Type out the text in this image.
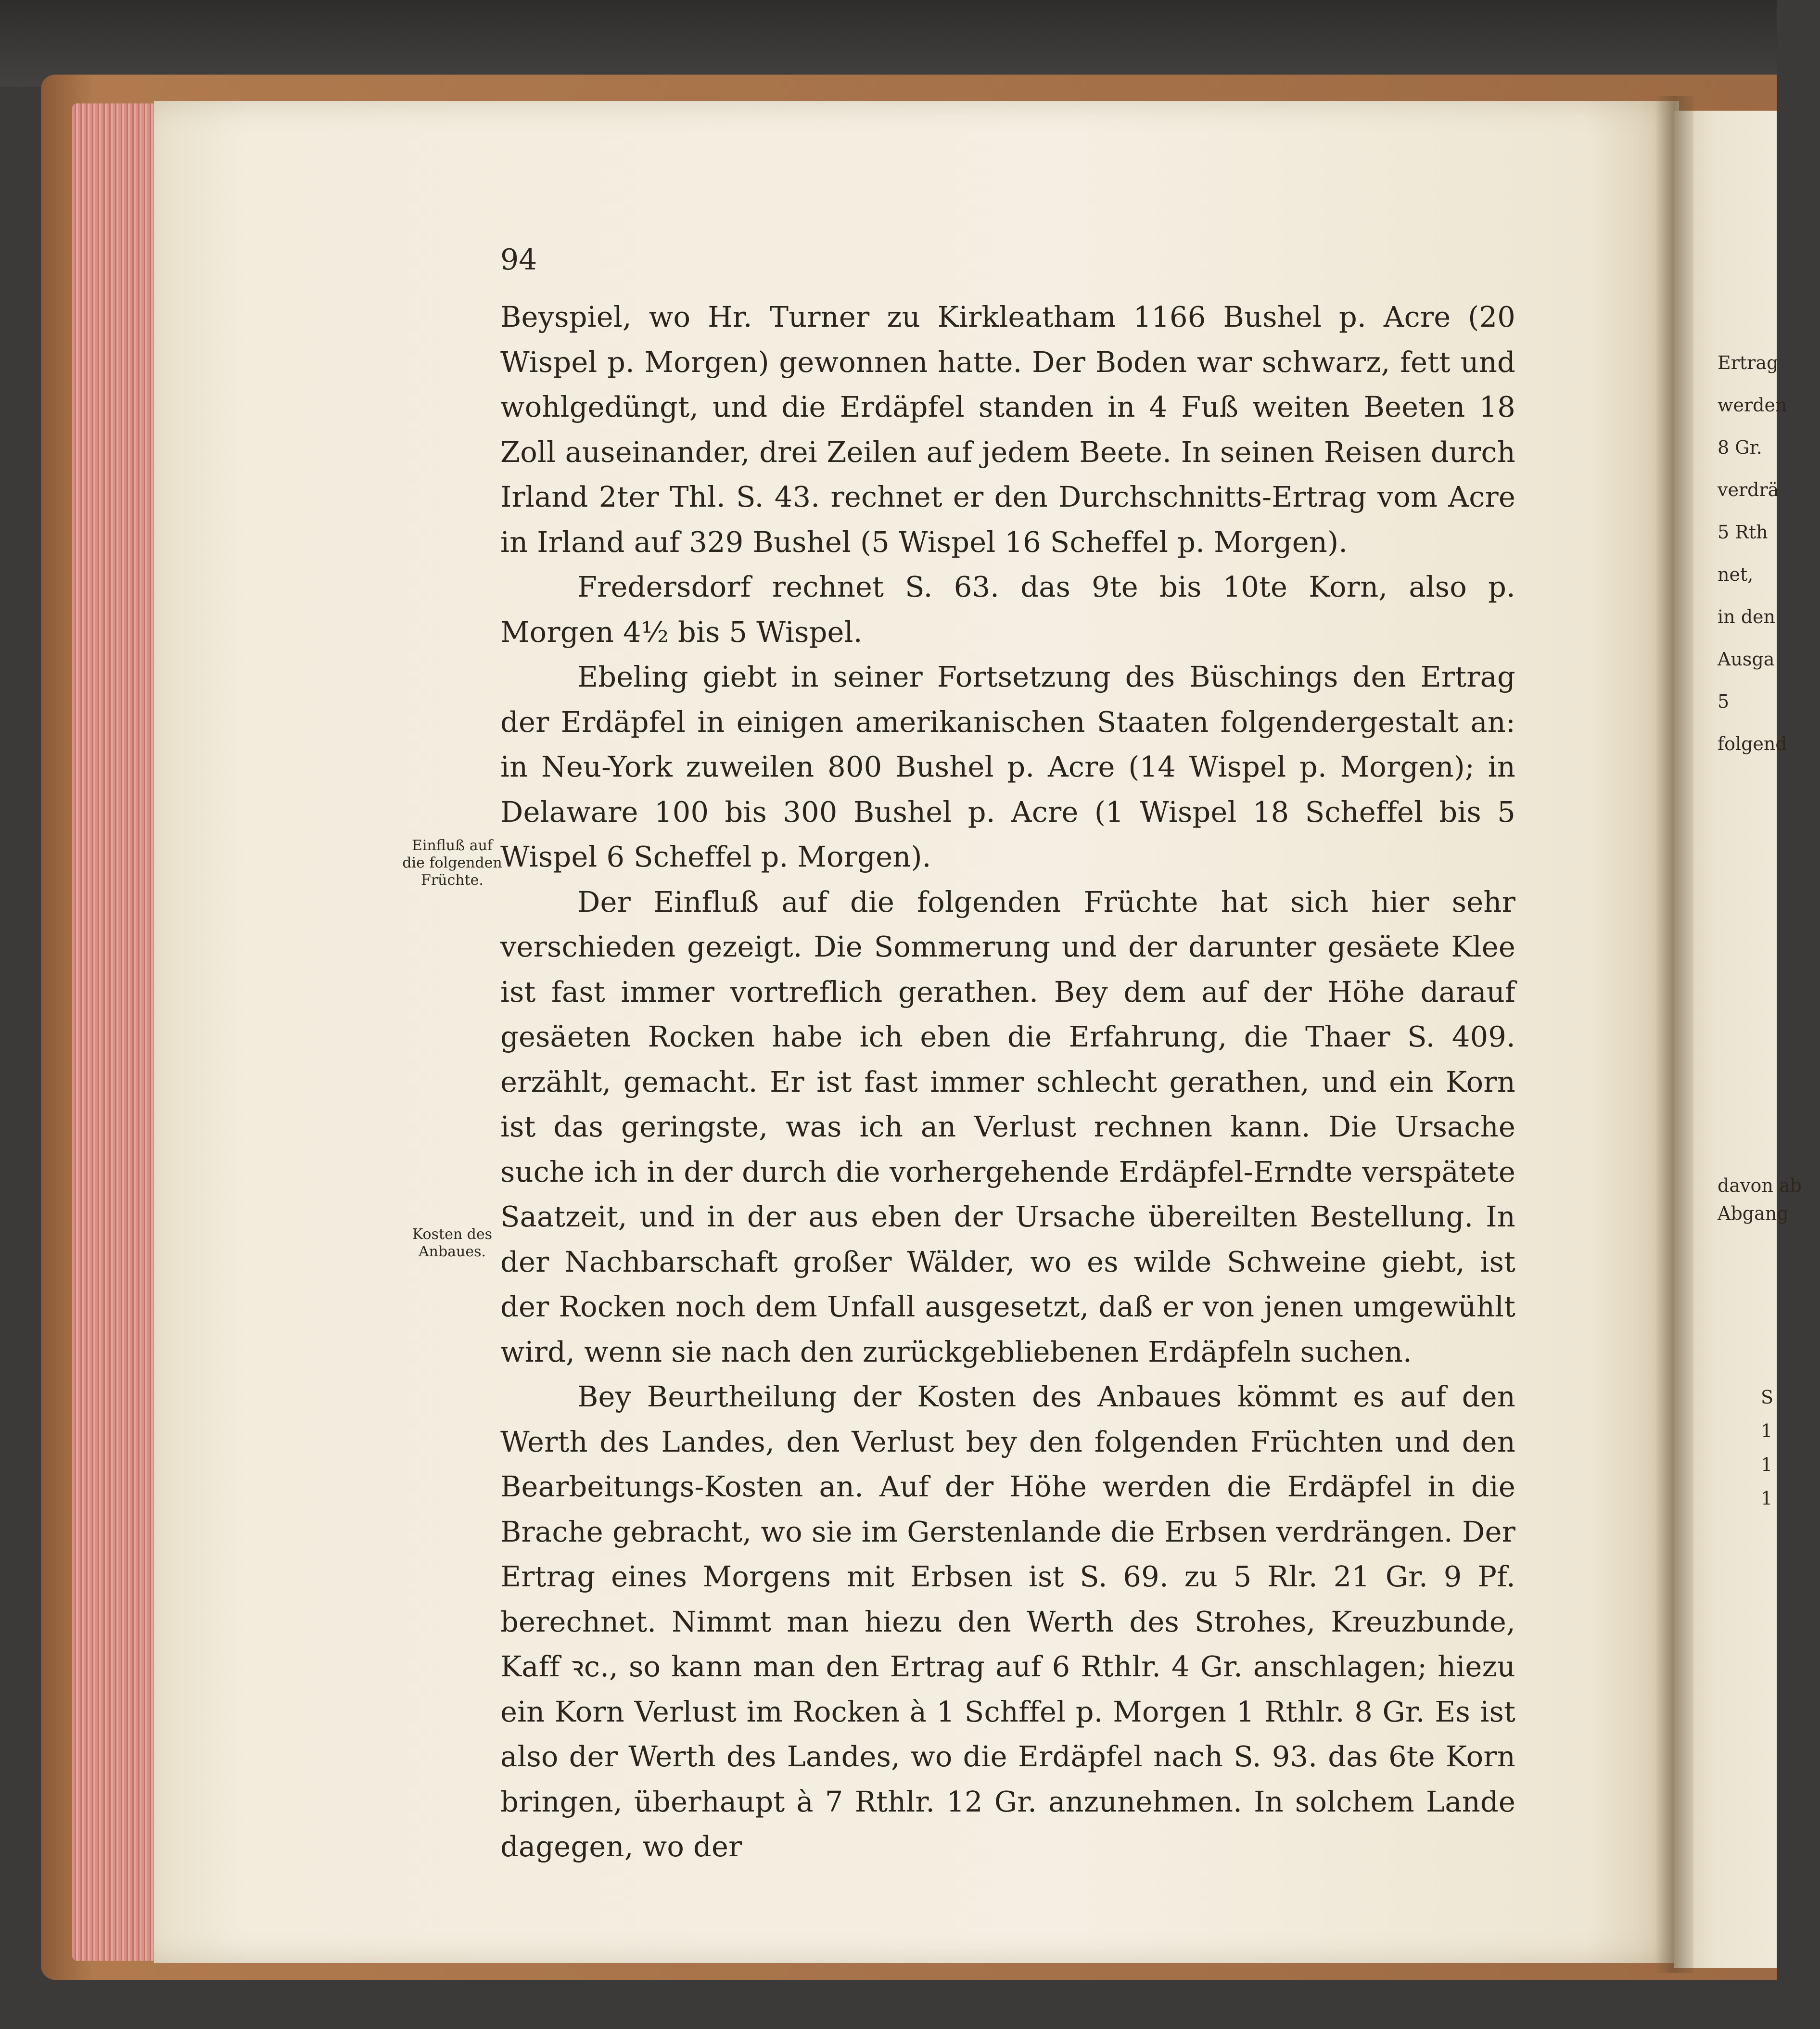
94

Beyspiel, wo Hr. Turner zu Kirkleatham 1166 Bushel p. Acre (20 Wispel p. Morgen) gewonnen hatte. Der Boden war schwarz, fett und wohlgedüngt, und die Erdäpfel standen in 4 Fuß weiten Beeten 18 Zoll auseinander, drei Zeilen auf jedem Beete. In seinen Reisen durch Irland 2ter Thl. S. 43. rechnet er den Durchschnitts-Ertrag vom Acre in Irland auf 329 Bushel (5 Wispel 16 Scheffel p. Morgen).

Fredersdorf rechnet S. 63. das 9te bis 10te Korn, also p. Morgen 4½ bis 5 Wispel.

Ebeling giebt in seiner Fortsetzung des Büschings den Ertrag der Erdäpfel in einigen amerikanischen Staaten folgendergestalt an: in Neu-York zuweilen 800 Bushel p. Acre (14 Wispel p. Morgen); in Delaware 100 bis 300 Bushel p. Acre (1 Wispel 18 Scheffel bis 5 Wispel 6 Scheffel p. Morgen).

Der Einfluß auf die folgenden Früchte hat sich hier sehr verschieden gezeigt. Die Sommerung und der darunter gesäete Klee ist fast immer vortreflich gerathen. Bey dem auf der Höhe darauf gesäeten Rocken habe ich eben die Erfahrung, die Thaer S. 409. erzählt, gemacht. Er ist fast immer schlecht gerathen, und ein Korn ist das geringste, was ich an Verlust rechnen kann. Die Ursache suche ich in der durch die vorhergehende Erdäpfel-Erndte verspätete Saatzeit, und in der aus eben der Ursache übereilten Bestellung. In der Nachbarschaft großer Wälder, wo es wilde Schweine giebt, ist der Rocken noch dem Unfall ausgesetzt, daß er von jenen umgewühlt wird, wenn sie nach den zurückgebliebenen Erdäpfeln suchen.

Bey Beurtheilung der Kosten des Anbaues kömmt es auf den Werth des Landes, den Verlust bey den folgenden Früchten und den Bearbeitungs-Kosten an. Auf der Höhe werden die Erdäpfel in die Brache gebracht, wo sie im Gerstenlande die Erbsen verdrängen. Der Ertrag eines Morgens mit Erbsen ist S. 69. zu 5 Rlr. 21 Gr. 9 Pf. berechnet. Nimmt man hiezu den Werth des Strohes, Kreuzbunde, Kaff ꝛc., so kann man den Ertrag auf 6 Rthlr. 4 Gr. anschlagen; hiezu ein Korn Verlust im Rocken à 1 Schffel p. Morgen 1 Rthlr. 8 Gr. Es ist also der Werth des Landes, wo die Erdäpfel nach S. 93. das 6te Korn bringen, überhaupt à 7 Rthlr. 12 Gr. anzunehmen. In solchem Lande dagegen, wo der

Einfluß auf die folgenden Früchte.
Kosten des Anbaues.
Ertrag
werden
8 Gr.
verdrä
5 Rth
net,
in den
Ausga
5
folgend
davon ab
Abgang
S
1
1
1
